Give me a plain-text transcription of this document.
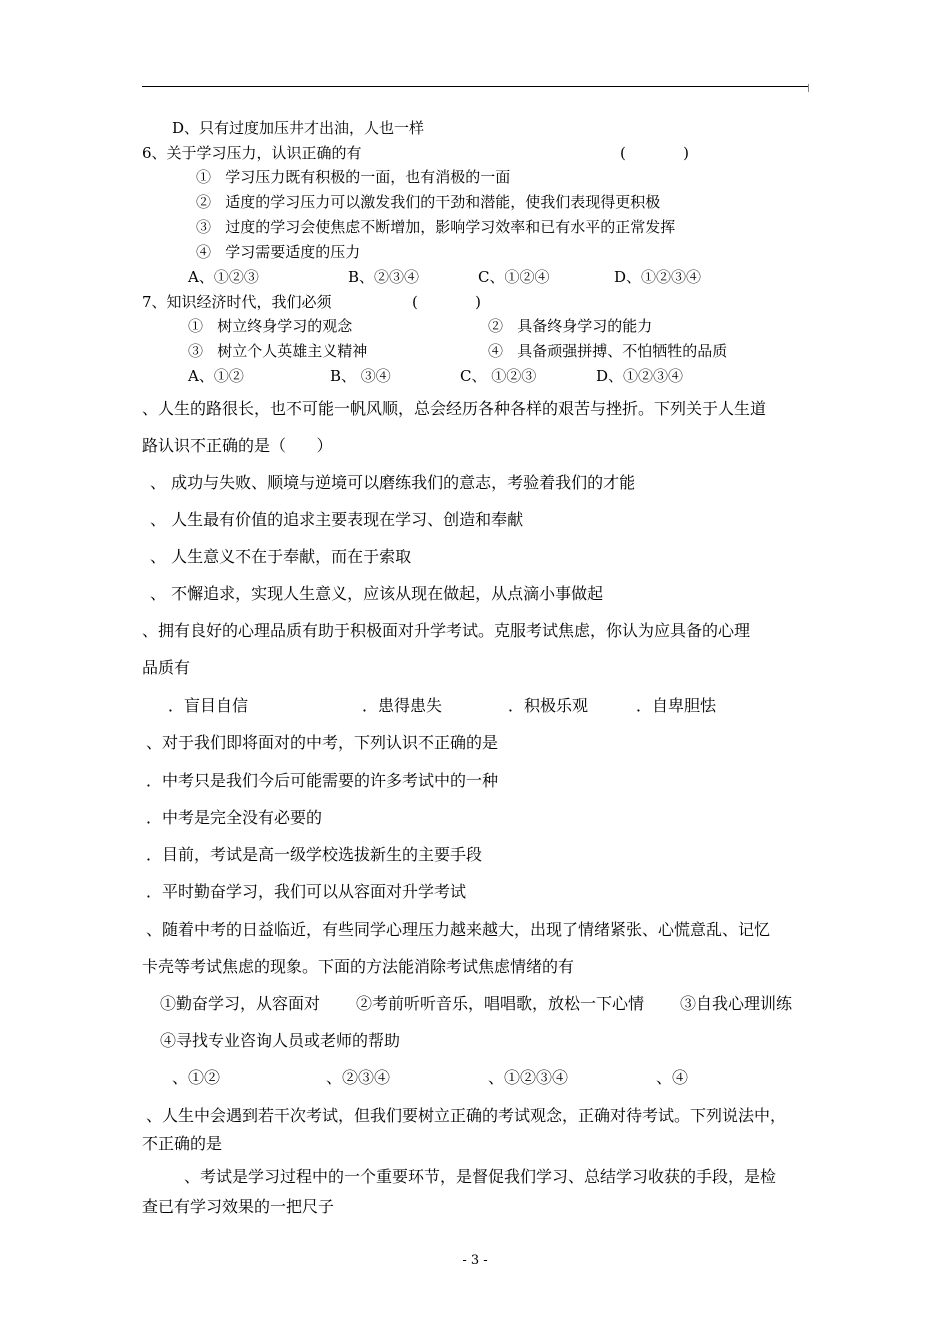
D、只有过度加压井才出油，人也一样
6、关于学习压力，认识正确的有	(            )
①   学习压力既有积极的一面，也有消极的一面
②   适度的学习压力可以激发我们的干劲和潜能，使我们表现得更积极
③   过度的学习会使焦虑不断增加，影响学习效率和已有水平的正常发挥
④   学习需要适度的压力
A、①②③	B、②③④	C、①②④	D、①②③④
7、知识经济时代，我们必须	(            )
①   树立终身学习的观念	②   具备终身学习的能力
③   树立个人英雄主义精神	④   具备顽强拼搏、不怕牺牲的品质
A、①②	B、 ③④	C、 ①②③	D、①②③④
、人生的路很长，也不可能一帆风顺，总会经历各种各样的艰苦与挫折。下列关于人生道
路认识不正确的是（      ）
、 成功与失败、顺境与逆境可以磨练我们的意志，考验着我们的才能
、 人生最有价值的追求主要表现在学习、创造和奉献
、 人生意义不在于奉献，而在于索取
、 不懈追求，实现人生意义，应该从现在做起，从点滴小事做起
、拥有良好的心理品质有助于积极面对升学考试。克服考试焦虑，你认为应具备的心理
品质有
．盲目自信	．患得患失	．积极乐观	．自卑胆怯
、对于我们即将面对的中考，下列认识不正确的是
．中考只是我们今后可能需要的许多考试中的一种
．中考是完全没有必要的
．目前，考试是高一级学校选拔新生的主要手段
．平时勤奋学习，我们可以从容面对升学考试
、随着中考的日益临近，有些同学心理压力越来越大，出现了情绪紧张、心慌意乱、记忆
卡壳等考试焦虑的现象。下面的方法能消除考试焦虑情绪的有
①勤奋学习，从容面对 ②考前听听音乐，唱唱歌，放松一下心情 ③自我心理训练
④寻找专业咨询人员或老师的帮助
、①②	、②③④	、①②③④	、④
、人生中会遇到若干次考试，但我们要树立正确的考试观念，正确对待考试。下列说法中，
不正确的是
、考试是学习过程中的一个重要环节，是督促我们学习、总结学习收获的手段，是检
查已有学习效果的一把尺子
- 3 -
